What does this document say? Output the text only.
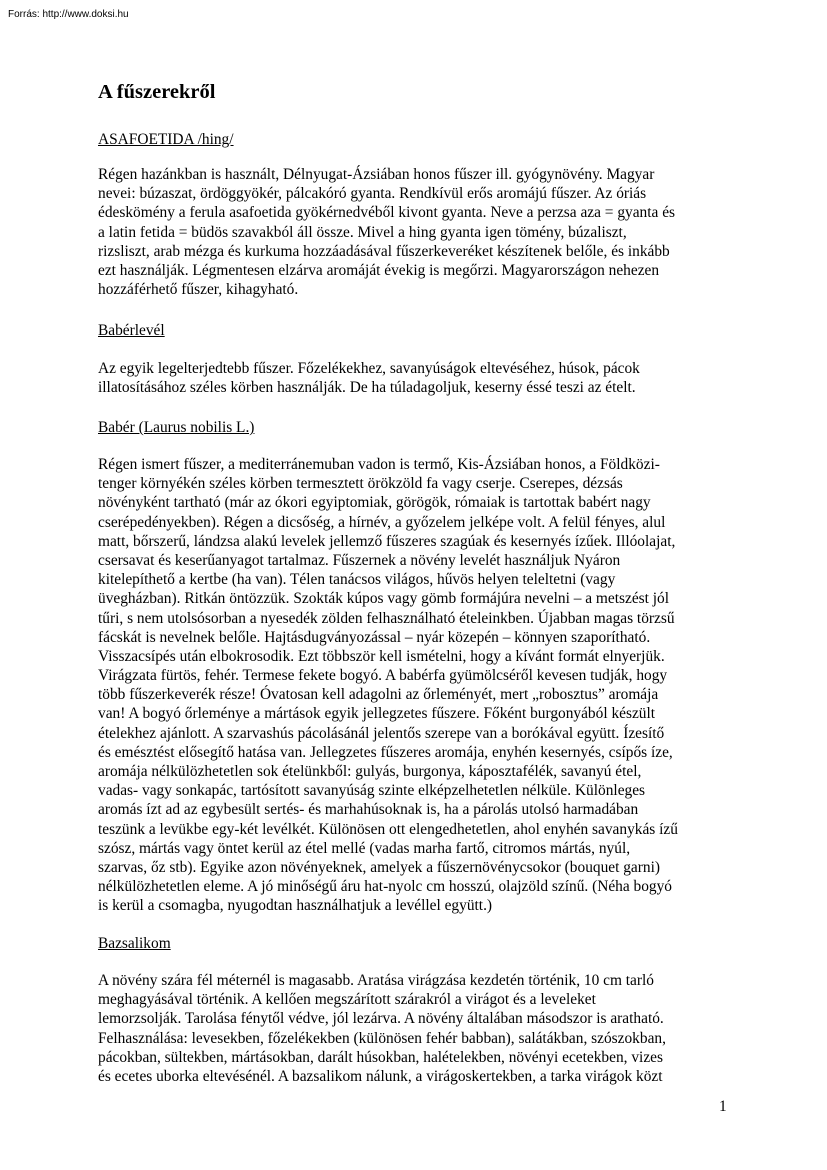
Forrás: http://www.doksi.hu
A fűszerekről
ASAFOETIDA /hing/
Régen hazánkban is használt, Délnyugat-Ázsiában honos fűszer ill. gyógynövény. Magyar
nevei: búzaszat, ördöggyökér, pálcakóró gyanta. Rendkívül erős aromájú fűszer. Az óriás
édeskömény a ferula asafoetida gyökérnedvéből kivont gyanta. Neve a perzsa aza = gyanta és
a latin fetida = büdös szavakból áll össze. Mivel a hing gyanta igen tömény, búzaliszt,
rizsliszt, arab mézga és kurkuma hozzáadásával fűszerkeveréket készítenek belőle, és inkább
ezt használják. Légmentesen elzárva aromáját évekig is megőrzi. Magyarországon nehezen
hozzáférhető fűszer, kihagyható.
Babérlevél
Az egyik legelterjedtebb fűszer. Főzelékekhez, savanyúságok eltevéséhez, húsok, pácok
illatosításához széles körben használják. De ha túladagoljuk, keserny éssé teszi az ételt.
Babér (Laurus nobilis L.)
Régen ismert fűszer, a mediterránemuban vadon is termő, Kis-Ázsiában honos, a Földközi-
tenger környékén széles körben termesztett örökzöld fa vagy cserje. Cserepes, dézsás
növényként tartható (már az ókori egyiptomiak, görögök, rómaiak is tartottak babért nagy
cserépedényekben). Régen a dicsőség, a hírnév, a győzelem jelképe volt. A felül fényes, alul
matt, bőrszerű, lándzsa alakú levelek jellemző fűszeres szagúak és kesernyés ízűek. Illóolajat,
csersavat és keserűanyagot tartalmaz. Fűszernek a növény levelét használjuk Nyáron
kitelepíthető a kertbe (ha van). Télen tanácsos világos, hűvös helyen teleltetni (vagy
üvegházban). Ritkán öntözzük. Szokták kúpos vagy gömb formájúra nevelni – a metszést jól
tűri, s nem utolsósorban a nyesedék zölden felhasználható ételeinkben. Újabban magas törzsű
fácskát is nevelnek belőle. Hajtásdugványozással – nyár közepén – könnyen szaporítható.
Visszacsípés után elbokrosodik. Ezt többször kell ismételni, hogy a kívánt formát elnyerjük.
Virágzata fürtös, fehér. Termese fekete bogyó. A babérfa gyümölcséről kevesen tudják, hogy
több fűszerkeverék része! Óvatosan kell adagolni az őrleményét, mert „robosztus” aromája
van! A bogyó őrleménye a mártások egyik jellegzetes fűszere. Főként burgonyából készült
ételekhez ajánlott. A szarvashús pácolásánál jelentős szerepe van a borókával együtt. Ízesítő
és emésztést elősegítő hatása van. Jellegzetes fűszeres aromája, enyhén kesernyés, csípős íze,
aromája nélkülözhetetlen sok ételünkből: gulyás, burgonya, káposztafélék, savanyú étel,
vadas- vagy sonkapác, tartósított savanyúság szinte elképzelhetetlen nélküle. Különleges
aromás ízt ad az egybesült sertés- és marhahúsoknak is, ha a párolás utolsó harmadában
teszünk a levükbe egy-két levélkét. Különösen ott elengedhetetlen, ahol enyhén savanykás ízű
szósz, mártás vagy öntet kerül az étel mellé (vadas marha fartő, citromos mártás, nyúl,
szarvas, őz stb). Egyike azon növényeknek, amelyek a fűszernövénycsokor (bouquet garni)
nélkülözhetetlen eleme. A jó minőségű áru hat-nyolc cm hosszú, olajzöld színű. (Néha bogyó
is kerül a csomagba, nyugodtan használhatjuk a levéllel együtt.)
Bazsalikom
A növény szára fél méternél is magasabb. Aratása virágzása kezdetén történik, 10 cm tarló
meghagyásával történik. A kellően megszárított szárakról a virágot és a leveleket
lemorzsolják. Tarolása fénytől védve, jól lezárva. A növény általában másodszor is aratható.
Felhasználása: levesekben, főzelékekben (különösen fehér babban), salátákban, szószokban,
pácokban, sültekben, mártásokban, darált húsokban, halételekben, növényi ecetekben, vizes
és ecetes uborka eltevésénél. A bazsalikom nálunk, a virágoskertekben, a tarka virágok közt
1
